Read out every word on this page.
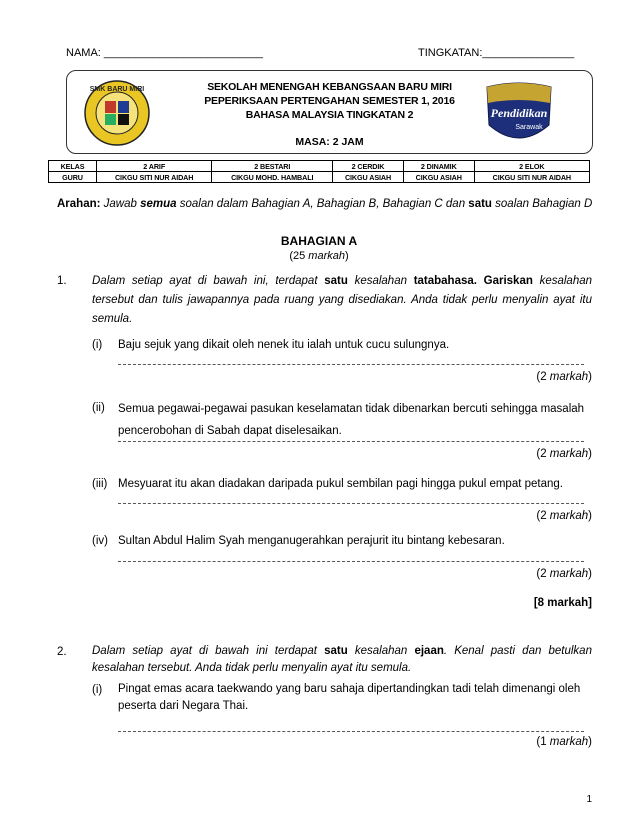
NAMA: __________________________	TINGKATAN:_______________
SMK BARU MIRI	SEKOLAH MENENGAH KEBANGSAAN BARU MIRI
PEPERIKSAAN PERTENGAHAN SEMESTER 1, 2016
BAHASA MALAYSIA TINGKATAN 2
MASA: 2 JAM
Pendidikan
Sarawak
KELAS	2 ARIF	2 BESTARI	2 CERDIK	2 DINAMIK	2 ELOK
GURU	CIKGU SITI NUR AIDAH	CIKGU MOHD. HAMBALI	CIKGU ASIAH	CIKGU ASIAH	CIKGU SITI NUR AIDAH
Arahan: Jawab semua soalan dalam Bahagian A, Bahagian B, Bahagian C dan satu soalan Bahagian D
BAHAGIAN A
(25 markah)
1. Dalam setiap ayat di bawah ini, terdapat satu kesalahan tatabahasa. Gariskan kesalahan tersebut dan tulis jawapannya pada ruang yang disediakan. Anda tidak perlu menyalin ayat itu semula.
(i) Baju sejuk yang dikait oleh nenek itu ialah untuk cucu sulungnya.
(2 markah)
(ii) Semua pegawai-pegawai pasukan keselamatan tidak dibenarkan bercuti sehingga masalah pencerobohan di Sabah dapat diselesaikan.
(2 markah)
(iii) Mesyuarat itu akan diadakan daripada pukul sembilan pagi hingga pukul empat petang.
(2 markah)
(iv) Sultan Abdul Halim Syah menganugerahkan perajurit itu bintang kebesaran.
(2 markah)
[8 markah]
2. Dalam setiap ayat di bawah ini terdapat satu kesalahan ejaan. Kenal pasti dan betulkan kesalahan tersebut. Anda tidak perlu menyalin ayat itu semula.
(i) Pingat emas acara taekwando yang baru sahaja dipertandingkan tadi telah dimenangi oleh peserta dari Negara Thai.
(1 markah)
1
